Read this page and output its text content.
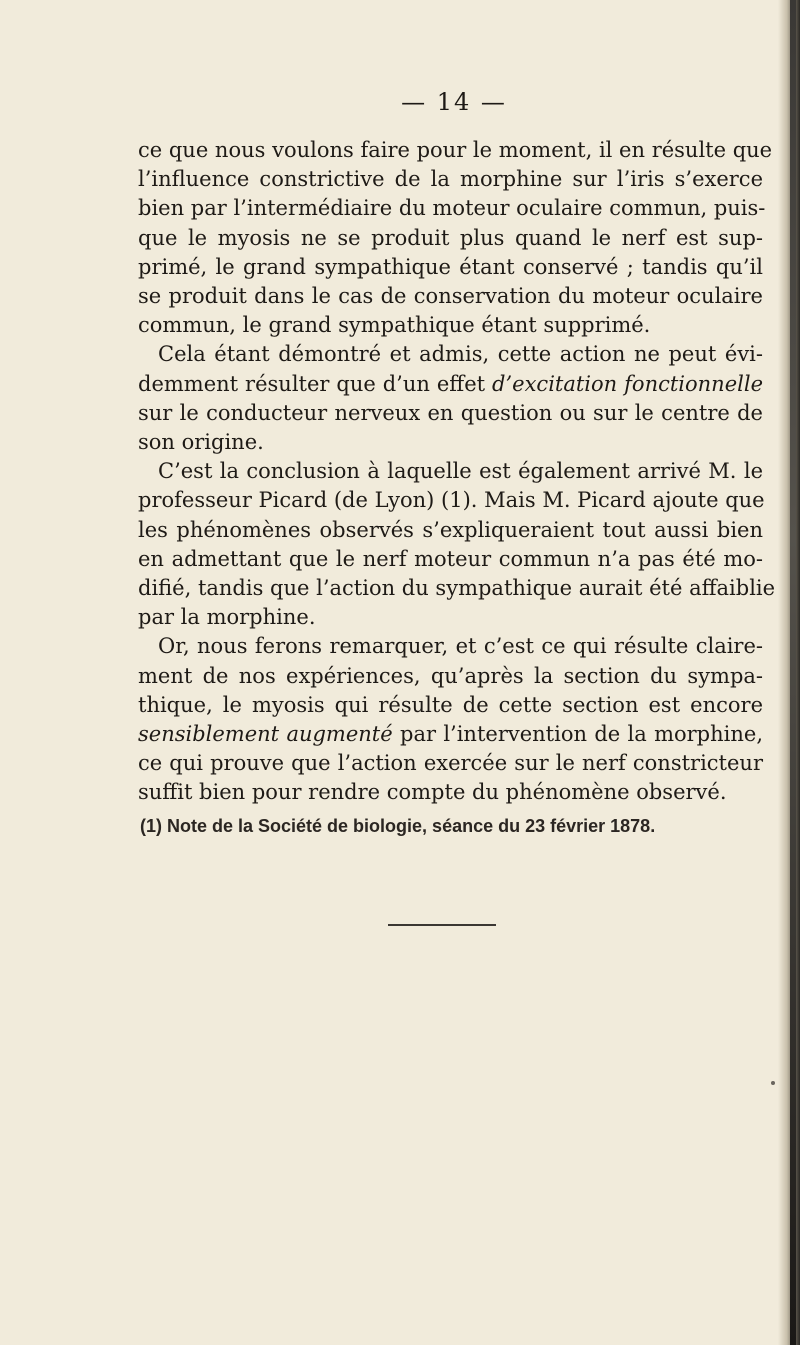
— 14 —
ce que nous voulons faire pour le moment, il en résulte que
l’influence constrictive de la morphine sur l’iris s’exerce
bien par l’intermédiaire du moteur oculaire commun, puis-
que le myosis ne se produit plus quand le nerf est sup-
primé, le grand sympathique étant conservé ; tandis qu’il
se produit dans le cas de conservation du moteur oculaire
commun, le grand sympathique étant supprimé.
Cela étant démontré et admis, cette action ne peut évi-
demment résulter que d’un effet d’excitation fonctionnelle
sur le conducteur nerveux en question ou sur le centre de
son origine.
C’est la conclusion à laquelle est également arrivé M. le
professeur Picard (de Lyon) (1). Mais M. Picard ajoute que
les phénomènes observés s’expliqueraient tout aussi bien
en admettant que le nerf moteur commun n’a pas été mo-
difié, tandis que l’action du sympathique aurait été affaiblie
par la morphine.
Or, nous ferons remarquer, et c’est ce qui résulte claire-
ment de nos expériences, qu’après la section du sympa-
thique, le myosis qui résulte de cette section est encore
sensiblement augmenté par l’intervention de la morphine,
ce qui prouve que l’action exercée sur le nerf constricteur
suffit bien pour rendre compte du phénomène observé.
(1) Note de la Société de biologie, séance du 23 février 1878.
